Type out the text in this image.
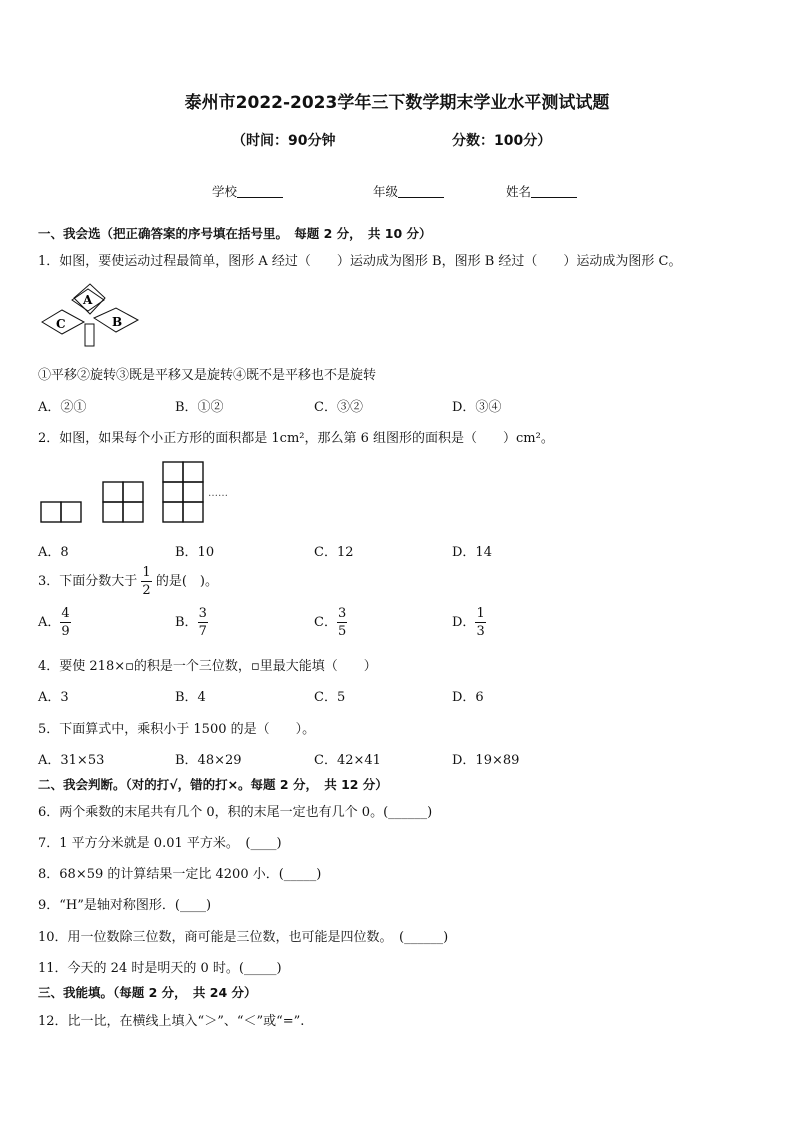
泰州市2022-2023学年三下数学期末学业水平测试试题
（时间：90分钟	分数：100分）
学校	年级	姓名
一、我会选（把正确答案的序号填在括号里。　每题 2 分，　共 10 分）
1．如图，要使运动过程最简单，图形 A 经过（　　）运动成为图形 B，图形 B 经过（　　）运动成为图形 C。
A
B
C
①平移②旋转③既是平移又是旋转④既不是平移也不是旋转
A．②①	B．①②	C．③②	D．③④
2．如图，如果每个小正方形的面积都是 1cm²，那么第 6 组图形的面积是（　　）cm²。
……
A．8	B．10	C．12	D．14
3．下面分数大于 $\frac{1}{2}$ 的是(　)。
A． $\frac{4}{9}$	B． $\frac{3}{7}$	C． $\frac{3}{5}$	D． $\frac{1}{3}$
4．要使 218×▫的积是一个三位数，▫里最大能填（　　）
A．3	B．4	C．5	D．6
5．下面算式中，乘积小于 1500 的是（　　）。
A．31×53	B．48×29	C．42×41	D．19×89
二、我会判断。（对的打√，错的打×。每题 2 分，　共 12 分）
6．两个乘数的末尾共有几个 0，积的末尾一定也有几个 0。(______)
7．1 平方分米就是 0.01 平方米。　(____)
8．68×59 的计算结果一定比 4200 小．(_____)
9．“H”是轴对称图形．(____)
10．用一位数除三位数，商可能是三位数，也可能是四位数。　(______)
11．今天的 24 时是明天的 0 时。(_____)
三、我能填。（每题 2 分，　共 24 分）
12．比一比，在横线上填入“＞”、“＜”或“=”.
